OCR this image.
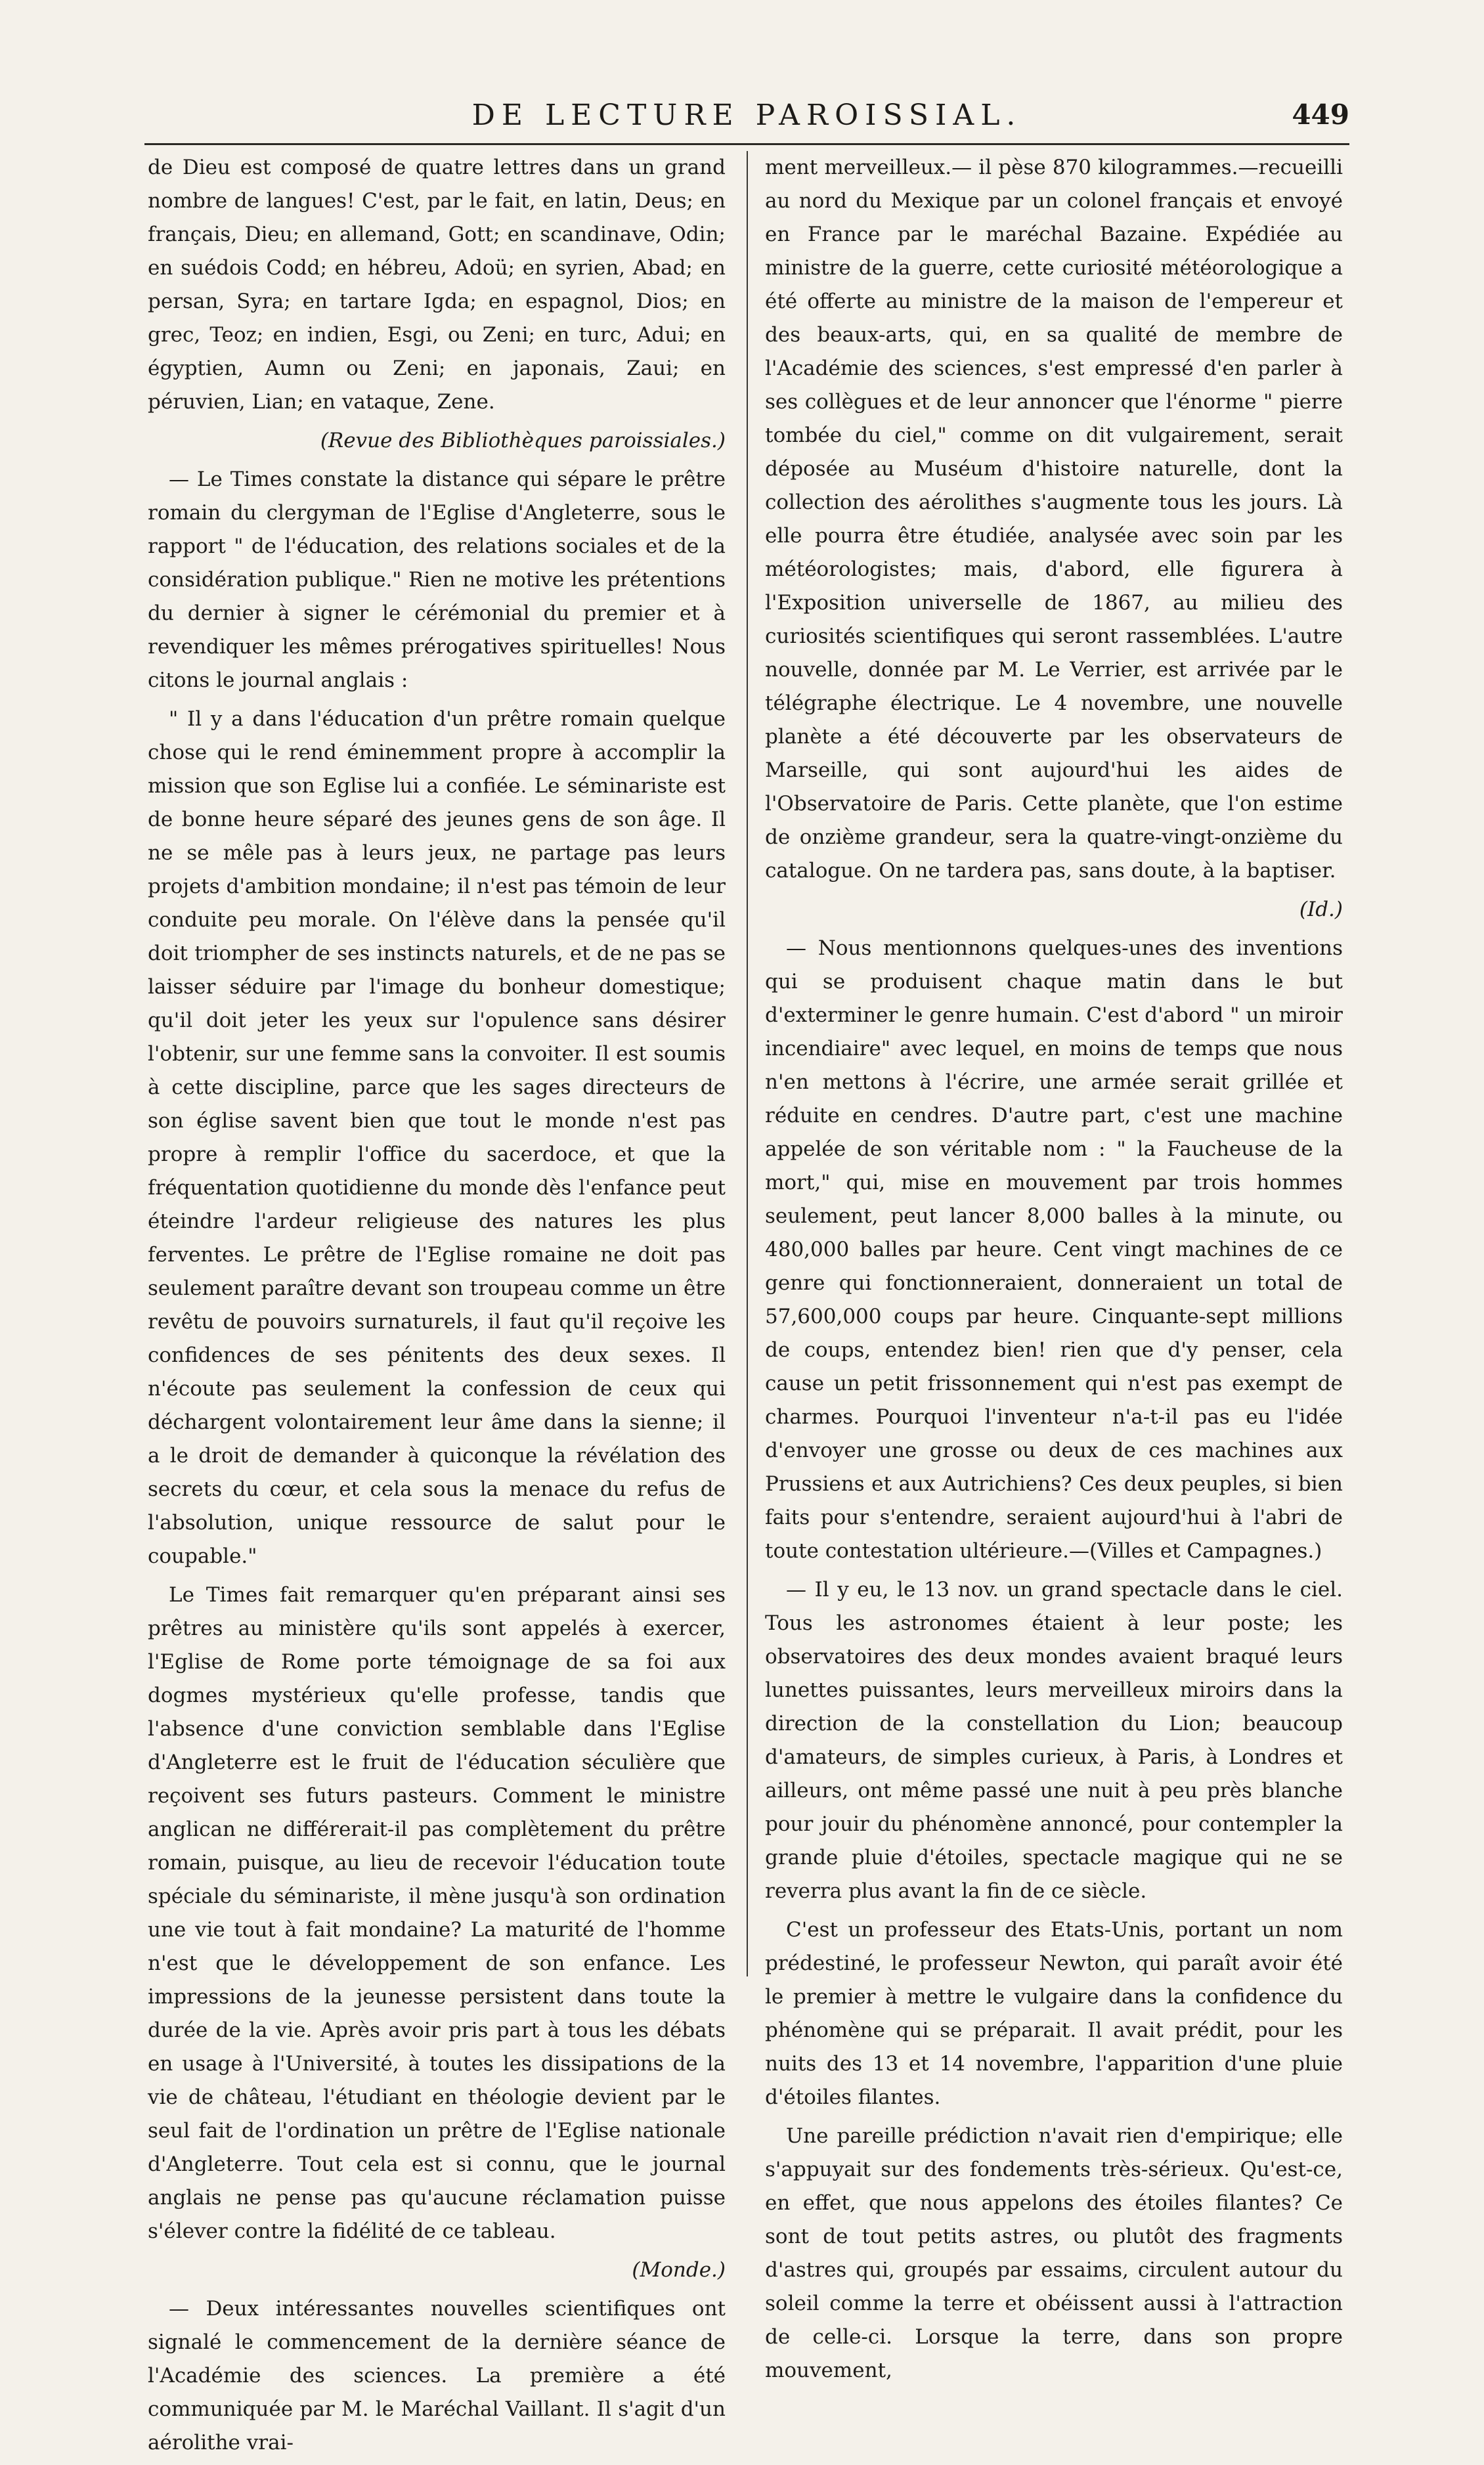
DE LECTURE PAROISSIAL.	449

de Dieu est composé de quatre lettres dans un grand nombre de langues! C'est, par le fait, en latin, Deus; en français, Dieu; en allemand, Gott; en scandinave, Odin; en suédois Codd; en hébreu, Adoü; en syrien, Abad; en persan, Syra; en tartare Igda; en espagnol, Dios; en grec, Teoz; en indien, Esgi, ou Zeni; en turc, Adui; en égyptien, Aumn ou Zeni; en japonais, Zaui; en péruvien, Lian; en vataque, Zene.

(Revue des Bibliothèques paroissiales.)

— Le Times constate la distance qui sépare le prêtre romain du clergyman de l'Eglise d'Angleterre, sous le rapport " de l'éducation, des relations sociales et de la considération publique." Rien ne motive les prétentions du dernier à signer le cérémonial du premier et à revendiquer les mêmes prérogatives spirituelles! Nous citons le journal anglais :

" Il y a dans l'éducation d'un prêtre romain quelque chose qui le rend éminemment propre à accomplir la mission que son Eglise lui a confiée. Le séminariste est de bonne heure séparé des jeunes gens de son âge. Il ne se mêle pas à leurs jeux, ne partage pas leurs projets d'ambition mondaine; il n'est pas témoin de leur conduite peu morale. On l'élève dans la pensée qu'il doit triompher de ses instincts naturels, et de ne pas se laisser séduire par l'image du bonheur domestique; qu'il doit jeter les yeux sur l'opulence sans désirer l'obtenir, sur une femme sans la convoiter. Il est soumis à cette discipline, parce que les sages directeurs de son église savent bien que tout le monde n'est pas propre à remplir l'office du sacerdoce, et que la fréquentation quotidienne du monde dès l'enfance peut éteindre l'ardeur religieuse des natures les plus ferventes. Le prêtre de l'Eglise romaine ne doit pas seulement paraître devant son troupeau comme un être revêtu de pouvoirs surnaturels, il faut qu'il reçoive les confidences de ses pénitents des deux sexes. Il n'écoute pas seulement la confession de ceux qui déchargent volontairement leur âme dans la sienne; il a le droit de demander à quiconque la révélation des secrets du cœur, et cela sous la menace du refus de l'absolution, unique ressource de salut pour le coupable."

Le Times fait remarquer qu'en préparant ainsi ses prêtres au ministère qu'ils sont appelés à exercer, l'Eglise de Rome porte témoignage de sa foi aux dogmes mystérieux qu'elle professe, tandis que l'absence d'une conviction semblable dans l'Eglise d'Angleterre est le fruit de l'éducation séculière que reçoivent ses futurs pasteurs. Comment le ministre anglican ne différerait-il pas complètement du prêtre romain, puisque, au lieu de recevoir l'éducation toute spéciale du séminariste, il mène jusqu'à son ordination une vie tout à fait mondaine? La maturité de l'homme n'est que le développement de son enfance. Les impressions de la jeunesse persistent dans toute la durée de la vie. Après avoir pris part à tous les débats en usage à l'Université, à toutes les dissipations de la vie de château, l'étudiant en théologie devient par le seul fait de l'ordination un prêtre de l'Eglise nationale d'Angleterre. Tout cela est si connu, que le journal anglais ne pense pas qu'aucune réclamation puisse s'élever contre la fidélité de ce tableau.

(Monde.)

— Deux intéressantes nouvelles scientifiques ont signalé le commencement de la dernière séance de l'Académie des sciences. La première a été communiquée par M. le Maréchal Vaillant. Il s'agit d'un aérolithe vrai-

ment merveilleux.— il pèse 870 kilogrammes.—recueilli au nord du Mexique par un colonel français et envoyé en France par le maréchal Bazaine. Expédiée au ministre de la guerre, cette curiosité météorologique a été offerte au ministre de la maison de l'empereur et des beaux-arts, qui, en sa qualité de membre de l'Académie des sciences, s'est empressé d'en parler à ses collègues et de leur annoncer que l'énorme " pierre tombée du ciel," comme on dit vulgairement, serait déposée au Muséum d'histoire naturelle, dont la collection des aérolithes s'augmente tous les jours. Là elle pourra être étudiée, analysée avec soin par les météorologistes; mais, d'abord, elle figurera à l'Exposition universelle de 1867, au milieu des curiosités scientifiques qui seront rassemblées. L'autre nouvelle, donnée par M. Le Verrier, est arrivée par le télégraphe électrique. Le 4 novembre, une nouvelle planète a été découverte par les observateurs de Marseille, qui sont aujourd'hui les aides de l'Observatoire de Paris. Cette planète, que l'on estime de onzième grandeur, sera la quatre-vingt-onzième du catalogue. On ne tardera pas, sans doute, à la baptiser.

(Id.)

— Nous mentionnons quelques-unes des inventions qui se produisent chaque matin dans le but d'exterminer le genre humain. C'est d'abord " un miroir incendiaire" avec lequel, en moins de temps que nous n'en mettons à l'écrire, une armée serait grillée et réduite en cendres. D'autre part, c'est une machine appelée de son véritable nom : " la Faucheuse de la mort," qui, mise en mouvement par trois hommes seulement, peut lancer 8,000 balles à la minute, ou 480,000 balles par heure. Cent vingt machines de ce genre qui fonctionneraient, donneraient un total de 57,600,000 coups par heure. Cinquante-sept millions de coups, entendez bien! rien que d'y penser, cela cause un petit frissonnement qui n'est pas exempt de charmes. Pourquoi l'inventeur n'a-t-il pas eu l'idée d'envoyer une grosse ou deux de ces machines aux Prussiens et aux Autrichiens? Ces deux peuples, si bien faits pour s'entendre, seraient aujourd'hui à l'abri de toute contestation ultérieure.—(Villes et Campagnes.)

— Il y eu, le 13 nov. un grand spectacle dans le ciel. Tous les astronomes étaient à leur poste; les observatoires des deux mondes avaient braqué leurs lunettes puissantes, leurs merveilleux miroirs dans la direction de la constellation du Lion; beaucoup d'amateurs, de simples curieux, à Paris, à Londres et ailleurs, ont même passé une nuit à peu près blanche pour jouir du phénomène annoncé, pour contempler la grande pluie d'étoiles, spectacle magique qui ne se reverra plus avant la fin de ce siècle.

C'est un professeur des Etats-Unis, portant un nom prédestiné, le professeur Newton, qui paraît avoir été le premier à mettre le vulgaire dans la confidence du phénomène qui se préparait. Il avait prédit, pour les nuits des 13 et 14 novembre, l'apparition d'une pluie d'étoiles filantes.

Une pareille prédiction n'avait rien d'empirique; elle s'appuyait sur des fondements très-sérieux. Qu'est-ce, en effet, que nous appelons des étoiles filantes? Ce sont de tout petits astres, ou plutôt des fragments d'astres qui, groupés par essaims, circulent autour du soleil comme la terre et obéissent aussi à l'attraction de celle-ci. Lorsque la terre, dans son propre mouvement,
